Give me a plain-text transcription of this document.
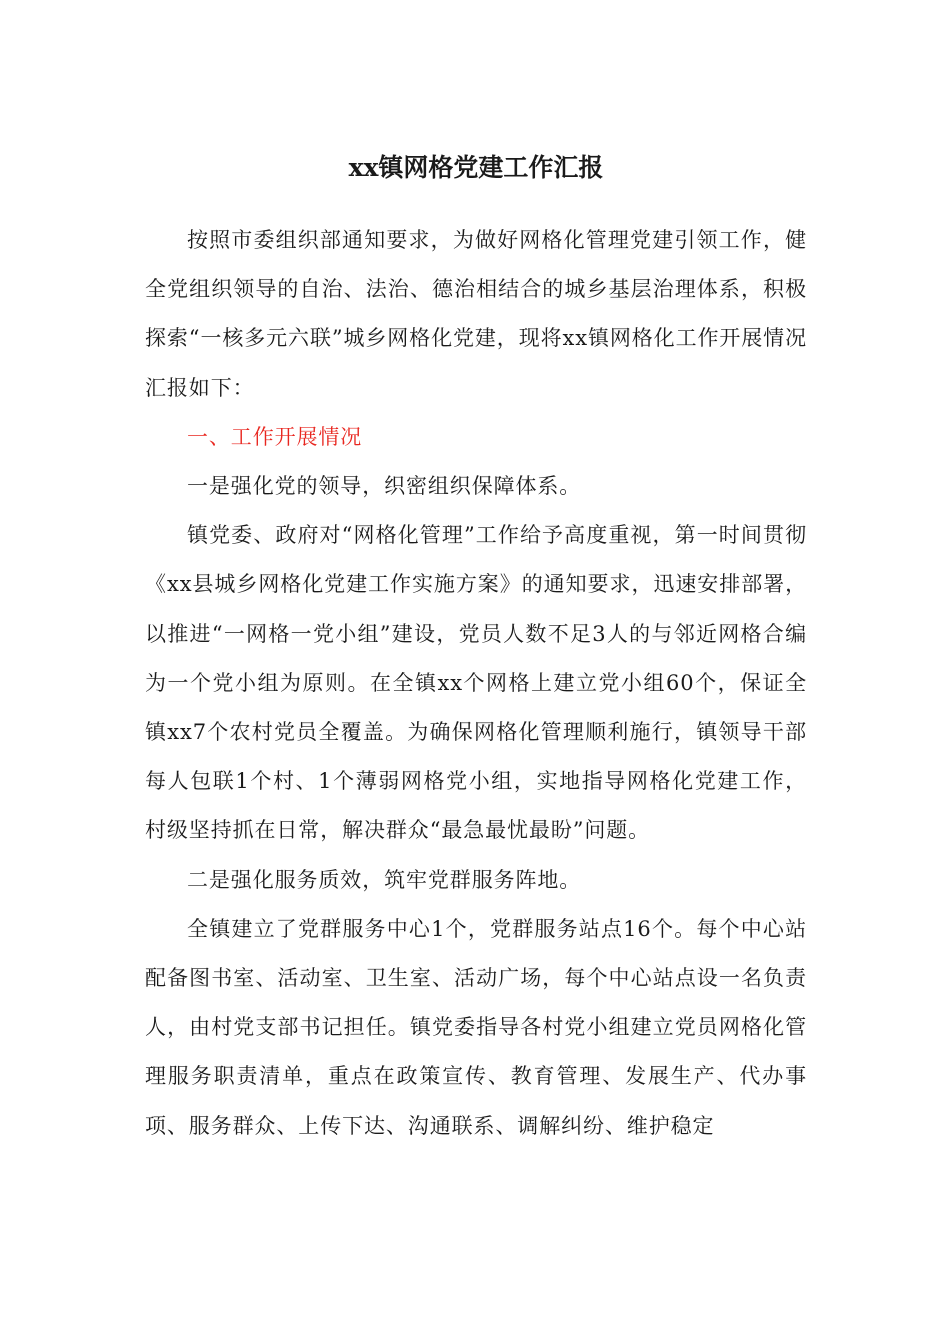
xx镇网格党建工作汇报

按照市委组织部通知要求，为做好网格化管理党建引领工作，健全党组织领导的自治、法治、德治相结合的城乡基层治理体系，积极探索“一核多元六联”城乡网格化党建，现将xx镇网格化工作开展情况汇报如下：

一、工作开展情况

一是强化党的领导，织密组织保障体系。

镇党委、政府对“网格化管理”工作给予高度重视，第一时间贯彻《xx县城乡网格化党建工作实施方案》的通知要求，迅速安排部署，以推进“一网格一党小组”建设，党员人数不足3人的与邻近网格合编为一个党小组为原则。在全镇xx个网格上建立党小组60个，保证全镇xx7个农村党员全覆盖。为确保网格化管理顺利施行，镇领导干部每人包联1个村、1个薄弱网格党小组，实地指导网格化党建工作，村级坚持抓在日常，解决群众“最急最忧最盼”问题。

二是强化服务质效，筑牢党群服务阵地。

全镇建立了党群服务中心1个，党群服务站点16个。每个中心站配备图书室、活动室、卫生室、活动广场，每个中心站点设一名负责人，由村党支部书记担任。镇党委指导各村党小组建立党员网格化管理服务职责清单，重点在政策宣传、教育管理、发展生产、代办事项、服务群众、上传下达、沟通联系、调解纠纷、维护稳定
